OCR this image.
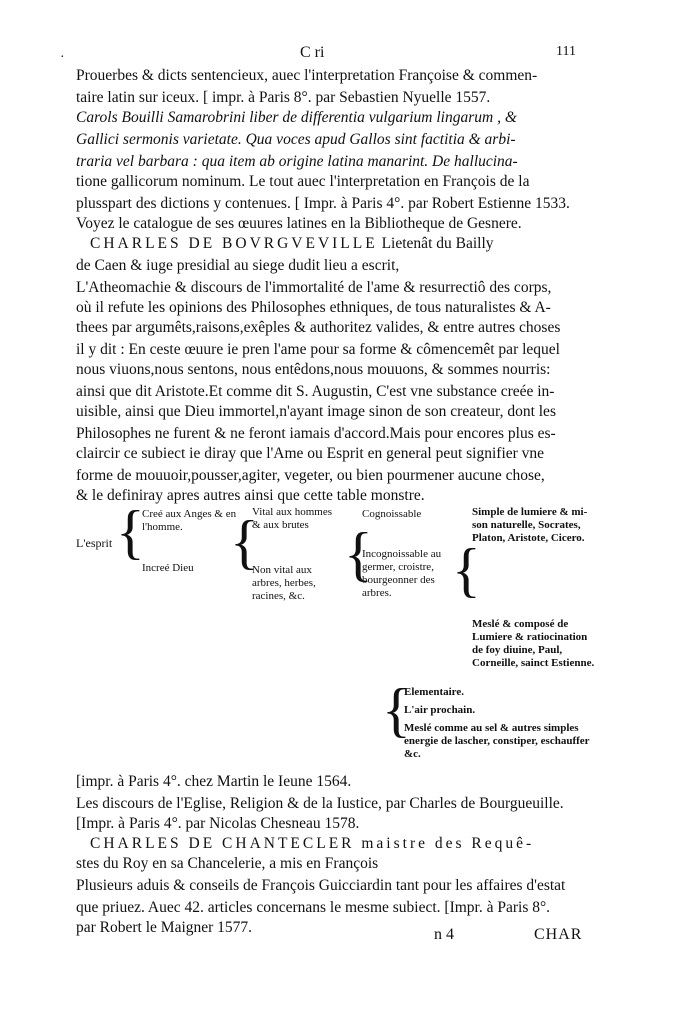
·	C ri	111
Prouerbes & dicts sentencieux, auec l'interpretation Françoise & commen-
taire latin sur iceux. [ impr. à Paris 8°. par Sebastien Nyuelle 1557.
Carols Bouilli Samarobrini liber de differentia vulgarium lingarum , &
Gallici sermonis varietate. Qua voces apud Gallos sint factitia & arbi-
traria vel barbara : qua item ab origine latina manarint. De hallucina-
tione gallicorum nominum. Le tout auec l'interpretation en François de la
plusspart des dictions y contenues. [ Impr. à Paris 4°. par Robert Estienne 1533.
Voyez le catalogue de ses œuures latines en la Bibliotheque de Gesnere.
CHARLES DE BOVRGVEVILLE Lietenât du Bailly
de Caen & iuge presidial au siege dudit lieu a escrit,
L'Atheomachie & discours de l'immortalité de l'ame & resurrectiô des corps,
où il refute les opinions des Philosophes ethniques, de tous naturalistes & A-
thees par argumêts,raisons,exêples & authoritez valides, & entre autres choses
il y dit : En ceste œuure ie pren l'ame pour sa forme & cômencemêt par lequel
nous viuons,nous sentons, nous entêdons,nous mouuons, & sommes nourris:
ainsi que dit Aristote.Et comme dit S. Augustin, C'est vne substance creée in-
uisible, ainsi que Dieu immortel,n'ayant image sinon de son createur, dont les
Philosophes ne furent & ne feront iamais d'accord.Mais pour encores plus es-
claircir ce subiect ie diray que l'Ame ou Esprit en general peut signifier vne
forme de mouuoir,pousser,agiter, vegeter, ou bien pourmener aucune chose,
& le definiray apres autres ainsi que cette table monstre.
L'esprit {
Creé aux Anges & en l'homme.
Increé Dieu {
Vital aux hommes & aux brutes
Non vital aux arbres, herbes, racines, &c.
{
Cognoissable
Incognoissable au germer, croistre, bourgeonner des arbres.	{
Simple de lumiere & mi-son naturelle, Socrates, Platon, Aristote, Cicero.
Meslé & composé de Lumiere & ratiocination de foy diuine, Paul, Corneille, sainct Estienne.
{
Elementaire.
L'air prochain.
Meslé comme au sel & autres simples energie de lascher, constiper, eschauffer &c.
[impr. à Paris 4°. chez Martin le Ieune 1564.
Les discours de l'Eglise, Religion & de la Iustice, par Charles de Bourgueuille.
[Impr. à Paris 4°. par Nicolas Chesneau 1578.
CHARLES DE CHANTECLER maistre des Requê-
stes du Roy en sa Chancelerie, a mis en François
Plusieurs aduis & conseils de François Guicciardin tant pour les affaires d'estat
que priuez. Auec 42. articles concernans le mesme subiect. [Impr. à Paris 8°.
par Robert le Maigner 1577.	n 4	CHAR
